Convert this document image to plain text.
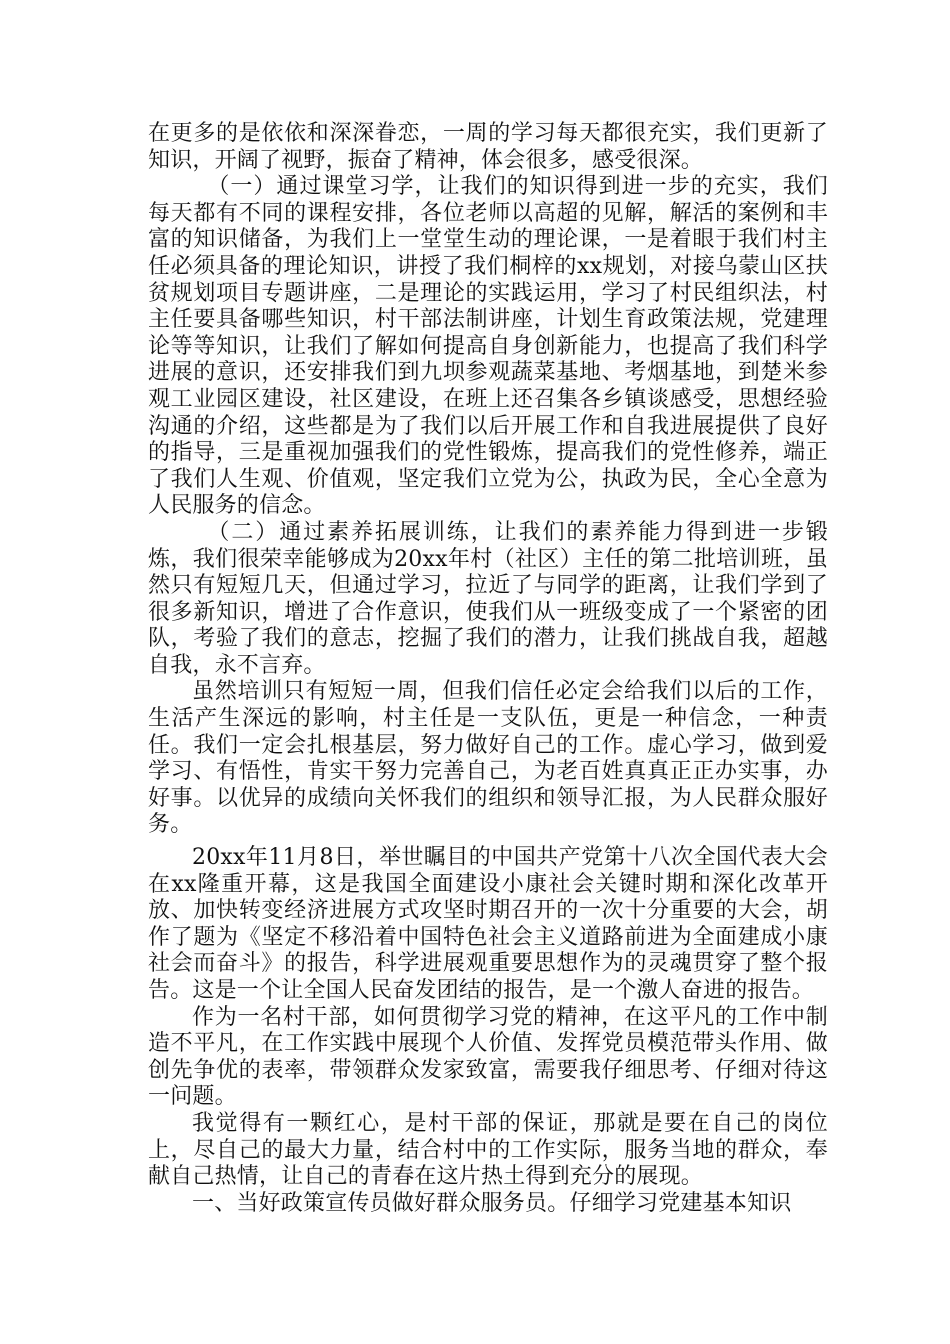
在更多的是依依和深深眷恋，一周的学习每天都很充实，我们更新了知识，开阔了视野，振奋了精神，体会很多，感受很深。

（一）通过课堂习学，让我们的知识得到进一步的充实，我们每天都有不同的课程安排，各位老师以高超的见解，解活的案例和丰富的知识储备，为我们上一堂堂生动的理论课，一是着眼于我们村主任必须具备的理论知识，讲授了我们桐梓的xx规划，对接乌蒙山区扶贫规划项目专题讲座，二是理论的实践运用，学习了村民组织法，村主任要具备哪些知识，村干部法制讲座，计划生育政策法规，党建理论等等知识，让我们了解如何提高自身创新能力，也提高了我们科学进展的意识，还安排我们到九坝参观蔬菜基地、考烟基地，到楚米参观工业园区建设，社区建设，在班上还召集各乡镇谈感受，思想经验沟通的介绍，这些都是为了我们以后开展工作和自我进展提供了良好的指导，三是重视加强我们的党性锻炼，提高我们的党性修养，端正了我们人生观、价值观，坚定我们立党为公，执政为民，全心全意为人民服务的信念。

（二）通过素养拓展训练，让我们的素养能力得到进一步锻炼，我们很荣幸能够成为20xx年村（社区）主任的第二批培训班，虽然只有短短几天，但通过学习，拉近了与同学的距离，让我们学到了很多新知识，增进了合作意识，使我们从一班级变成了一个紧密的团队，考验了我们的意志，挖掘了我们的潜力，让我们挑战自我，超越自我，永不言弃。

虽然培训只有短短一周，但我们信任必定会给我们以后的工作，生活产生深远的影响，村主任是一支队伍，更是一种信念，一种责任。我们一定会扎根基层，努力做好自己的工作。虚心学习，做到爱学习、有悟性，肯实干努力完善自己，为老百姓真真正正办实事，办好事。以优异的成绩向关怀我们的组织和领导汇报，为人民群众服好务。

20xx年11月8日，举世瞩目的中国共产党第十八次全国代表大会在xx隆重开幕，这是我国全面建设小康社会关键时期和深化改革开放、加快转变经济进展方式攻坚时期召开的一次十分重要的大会，胡作了题为《坚定不移沿着中国特色社会主义道路前进为全面建成小康社会而奋斗》的报告，科学进展观重要思想作为的灵魂贯穿了整个报告。这是一个让全国人民奋发团结的报告，是一个激人奋进的报告。

作为一名村干部，如何贯彻学习党的精神，在这平凡的工作中制造不平凡，在工作实践中展现个人价值、发挥党员模范带头作用、做创先争优的表率，带领群众发家致富，需要我仔细思考、仔细对待这一问题。

我觉得有一颗红心，是村干部的保证，那就是要在自己的岗位上，尽自己的最大力量，结合村中的工作实际，服务当地的群众，奉献自己热情，让自己的青春在这片热土得到充分的展现。

一、当好政策宣传员做好群众服务员。仔细学习党建基本知识
